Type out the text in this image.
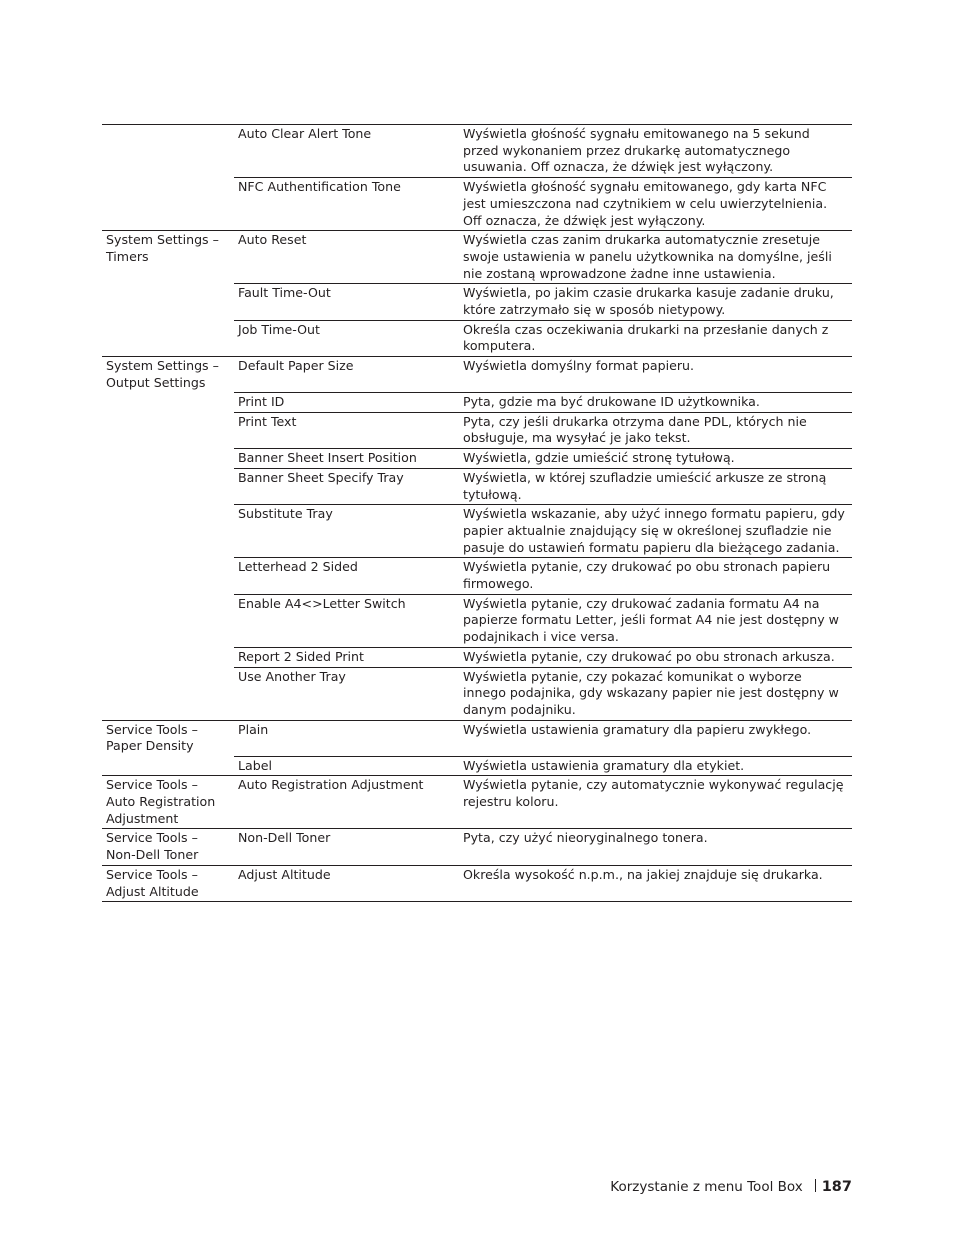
	Auto Clear Alert Tone	Wyświetla głośność sygnału emitowanego na 5 sekund przed wykonaniem przez drukarkę automatycznego usuwania. Off oznacza, że dźwięk jest wyłączony.
	NFC Authentification Tone	Wyświetla głośność sygnału emitowanego, gdy karta NFC jest umieszczona nad czytnikiem w celu uwierzytelnienia. Off oznacza, że dźwięk jest wyłączony.
System Settings – Timers	Auto Reset	Wyświetla czas zanim drukarka automatycznie zresetuje swoje ustawienia w panelu użytkownika na domyślne, jeśli nie zostaną wprowadzone żadne inne ustawienia.
	Fault Time-Out	Wyświetla, po jakim czasie drukarka kasuje zadanie druku, które zatrzymało się w sposób nietypowy.
	Job Time-Out	Określa czas oczekiwania drukarki na przesłanie danych z komputera.
System Settings – Output Settings	Default Paper Size	Wyświetla domyślny format papieru.
	Print ID	Pyta, gdzie ma być drukowane ID użytkownika.
	Print Text	Pyta, czy jeśli drukarka otrzyma dane PDL, których nie obsługuje, ma wysyłać je jako tekst.
	Banner Sheet Insert Position	Wyświetla, gdzie umieścić stronę tytułową.
	Banner Sheet Specify Tray	Wyświetla, w której szufladzie umieścić arkusze ze stroną tytułową.
	Substitute Tray	Wyświetla wskazanie, aby użyć innego formatu papieru, gdy papier aktualnie znajdujący się w określonej szufladzie nie pasuje do ustawień formatu papieru dla bieżącego zadania.
	Letterhead 2 Sided	Wyświetla pytanie, czy drukować po obu stronach papieru firmowego.
	Enable A4<>Letter Switch	Wyświetla pytanie, czy drukować zadania formatu A4 na papierze formatu Letter, jeśli format A4 nie jest dostępny w podajnikach i vice versa.
	Report 2 Sided Print	Wyświetla pytanie, czy drukować po obu stronach arkusza.
	Use Another Tray	Wyświetla pytanie, czy pokazać komunikat o wyborze innego podajnika, gdy wskazany papier nie jest dostępny w danym podajniku.
Service Tools – Paper Density	Plain	Wyświetla ustawienia gramatury dla papieru zwykłego.
	Label	Wyświetla ustawienia gramatury dla etykiet.
Service Tools – Auto Registration Adjustment	Auto Registration Adjustment	Wyświetla pytanie, czy automatycznie wykonywać regulację rejestru koloru.
Service Tools – Non-Dell Toner	Non-Dell Toner	Pyta, czy użyć nieoryginalnego tonera.
Service Tools – Adjust Altitude	Adjust Altitude	Określa wysokość n.p.m., na jakiej znajduje się drukarka.
Korzystanie z menu Tool Box 187
